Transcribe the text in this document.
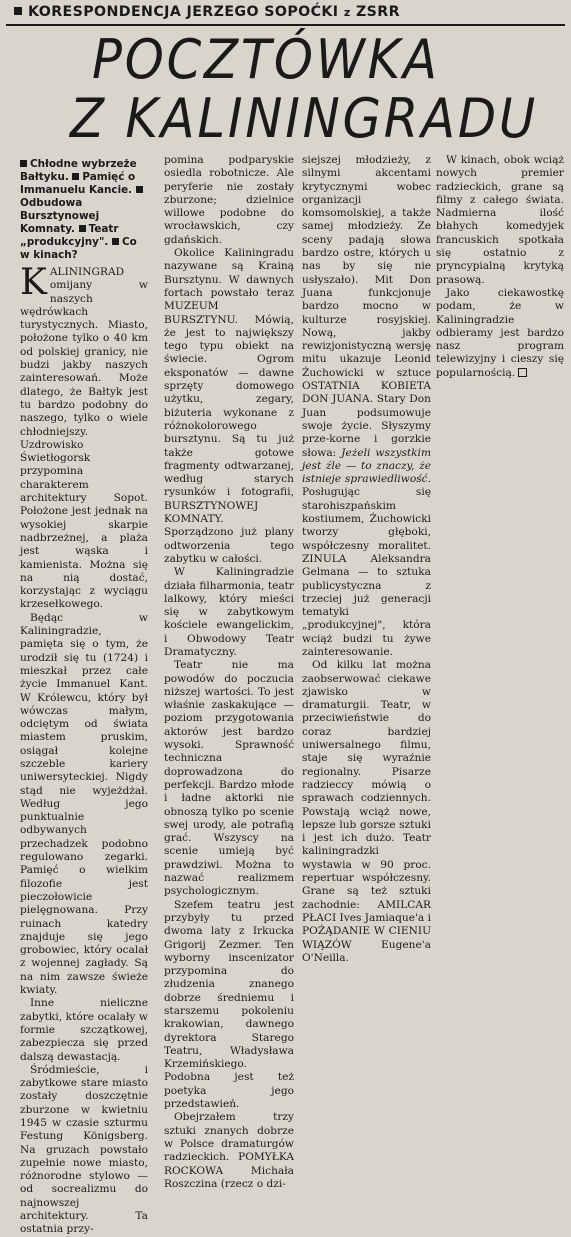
KORESPONDENCJA JERZEGO SOPOĆKI z ZSRR
POCZTÓWKA
Z KALININGRADU
Chłodne wybrzeże Bałtyku. Pamięć o Immanuelu Kancie. Odbudowa Bursztynowej Komnaty. Teatr „produkcyjny". Co w kinach?

KALININGRAD omijany w naszych wędrówkach turystycznych. Miasto, położone tylko o 40 km od polskiej granicy, nie budzi jakby naszych zainteresowań. Może dlatego, że Bałtyk jest tu bardzo podobny do naszego, tylko o wiele chłodniejszy. Uzdrowisko Świetłogorsk przypomina charakterem architektury Sopot. Położone jest jednak na wysokiej skarpie nadbrzeżnej, a plaża jest wąska i kamienista. Można się na nią dostać, korzystając z wyciągu krzesełkowego.

Będąc w Kaliningradzie, pamięta się o tym, że urodził się tu (1724) i mieszkał przez całe życie Immanuel Kant. W Królewcu, który był wówczas małym, odciętym od świata miastem pruskim, osiągał kolejne szczeble kariery uniwersyteckiej. Nigdy stąd nie wyjeżdżał. Według jego punktualnie odbywanych przechadzek podobno regulowano zegarki. Pamięć o wielkim filozofie jest pieczołowicie pielęgnowana. Przy ruinach katedry znajduje się jego grobowiec, który ocalał z wojennej zagłady. Są na nim zawsze świeże kwiaty.

Inne nieliczne zabytki, które ocalały w formie szczątkowej, zabezpiecza się przed dalszą dewastacją.

Śródmieście, i zabytkowe stare miasto zostały doszczętnie zburzone w kwietniu 1945 w czasie szturmu Festung Königsberg. Na gruzach powstało zupełnie nowe miasto, różnorodne stylowo — od socrealizmu do najnowszej architektury. Ta ostatnia przy-

pomina podparyskie osiedla robotnicze. Ale peryferie nie zostały zburzone; dzielnice willowe podobne do wrocławskich, czy gdańskich.

Okolice Kaliningradu nazywane są Krainą Bursztynu. W dawnych fortach powstało teraz MUZEUM BURSZTYNU. Mówią, że jest to największy tego typu obiekt na świecie. Ogrom eksponatów — dawne sprzęty domowego użytku, zegary, biżuteria wykonane z różnokolorowego bursztynu. Są tu już także gotowe fragmenty odtwarzanej, według starych rysunków i fotografii, BURSZTYNOWEJ KOMNATY. Sporządzono już plany odtworzenia tego zabytku w całości.

W Kaliningradzie działa filharmonia, teatr lalkowy, który mieści się w zabytkowym kościele ewangelickim, i Obwodowy Teatr Dramatyczny.

Teatr nie ma powodów do poczucia niższej wartości. To jest właśnie zaskakujące — poziom przygotowania aktorów jest bardzo wysoki. Sprawność techniczna doprowadzona do perfekcji. Bardzo młode i ładne aktorki nie obnoszą tylko po scenie swej urody, ale potrafią grać. Wszyscy na scenie umieją być prawdziwi. Można to nazwać realizmem psychologicznym.

Szefem teatru jest przybyły tu przed dwoma laty z Irkucka Grigorij Zezmer. Ten wyborny inscenizator przypomina do złudzenia znanego dobrze średniemu i starszemu pokoleniu krakowian, dawnego dyrektora Starego Teatru, Władysława Krzemińskiego. Podobna jest też poetyka jego przedstawień.

Obejrzałem trzy sztuki znanych dobrze w Polsce dramaturgów radzieckich. POMYŁKA ROCKOWA Michała Roszczina (rzecz o dzi-

siejszej młodzieży, z silnymi akcentami krytycznymi wobec organizacji komsomolskiej, a także samej młodzieży. Ze sceny padają słowa bardzo ostre, których u nas by się nie usłyszało). Mit Don Juana funkcjonuje bardzo mocno w kulturze rosyjskiej. Nową, jakby rewizjonistyczną wersję mitu ukazuje Leonid Żuchowicki w sztuce OSTATNIA KOBIETA DON JUANA. Stary Don Juan podsumowuje swoje życie. Słyszymy prze-korne i gorzkie słowa: Jeżeli wszystkim jest źle — to znaczy, że istnieje sprawiedliwość. Posługując się starohiszpańskim kostiumem, Żuchowicki tworzy głęboki, współczesny moralitet. ZINULA Aleksandra Gelmana — to sztuka publicystyczna z trzeciej już generacji tematyki „produkcyjnej", która wciąż budzi tu żywe zainteresowanie.

Od kilku lat można zaobserwować ciekawe zjawisko w dramaturgii. Teatr, w przeciwieństwie do coraz bardziej uniwersalnego filmu, staje się wyraźnie regionalny. Pisarze radzieccy mówią o sprawach codziennych. Powstają wciąż nowe, lepsze lub gorsze sztuki i jest ich dużo. Teatr kaliningradzki wystawia w 90 proc. repertuar współczesny. Grane są też sztuki zachodnie: AMILCAR PŁACI Ives Jamiaque'a i POŻĄDANIE W CIENIU WIĄZÓW Eugene'a O'Neilla.

W kinach, obok wciąż nowych premier radzieckich, grane są filmy z całego świata. Nadmierna ilość błahych komedyjek francuskich spotkała się ostatnio z pryncypialną krytyką prasową.

Jako ciekawostkę podam, że w Kaliningradzie odbieramy jest bardzo nasz program telewizyjny i cieszy się popularnością.
